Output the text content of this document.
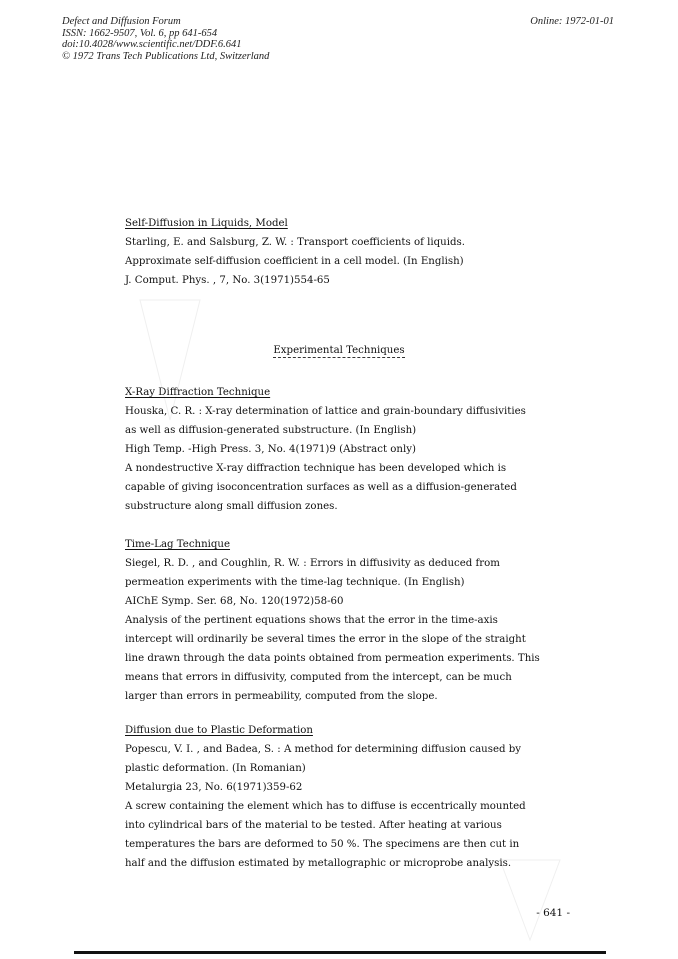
Defect and Diffusion Forum
ISSN: 1662-9507, Vol. 6, pp 641-654
doi:10.4028/www.scientific.net/DDF.6.641
© 1972 Trans Tech Publications Ltd, Switzerland
Online: 1972-01-01
Self-Diffusion in Liquids, Model
Starling, E. and Salsburg, Z. W. : Transport coefficients of liquids.
Approximate self-diffusion coefficient in a cell model. (In English)
J. Comput. Phys. , 7, No. 3(1971)554-65
Experimental Techniques
X-Ray Diffraction Technique
Houska, C. R. : X-ray determination of lattice and grain-boundary diffusivities
as well as diffusion-generated substructure. (In English)
High Temp. -High Press. 3, No. 4(1971)9 (Abstract only)
A nondestructive X-ray diffraction technique has been developed which is
capable of giving isoconcentration surfaces as well as a diffusion-generated
substructure along small diffusion zones.
Time-Lag Technique
Siegel, R. D. , and Coughlin, R. W. : Errors in diffusivity as deduced from
permeation experiments with the time-lag technique. (In English)
AIChE Symp. Ser. 68, No. 120(1972)58-60
Analysis of the pertinent equations shows that the error in the time-axis
intercept will ordinarily be several times the error in the slope of the straight
line drawn through the data points obtained from permeation experiments. This
means that errors in diffusivity, computed from the intercept, can be much
larger than errors in permeability, computed from the slope.
Diffusion due to Plastic Deformation
Popescu, V. I. , and Badea, S. : A method for determining diffusion caused by
plastic deformation. (In Romanian)
Metalurgia 23, No. 6(1971)359-62
A screw containing the element which has to diffuse is eccentrically mounted
into cylindrical bars of the material to be tested. After heating at various
temperatures the bars are deformed to 50 %. The specimens are then cut in
half and the diffusion estimated by metallographic or microprobe analysis.
- 641 -
